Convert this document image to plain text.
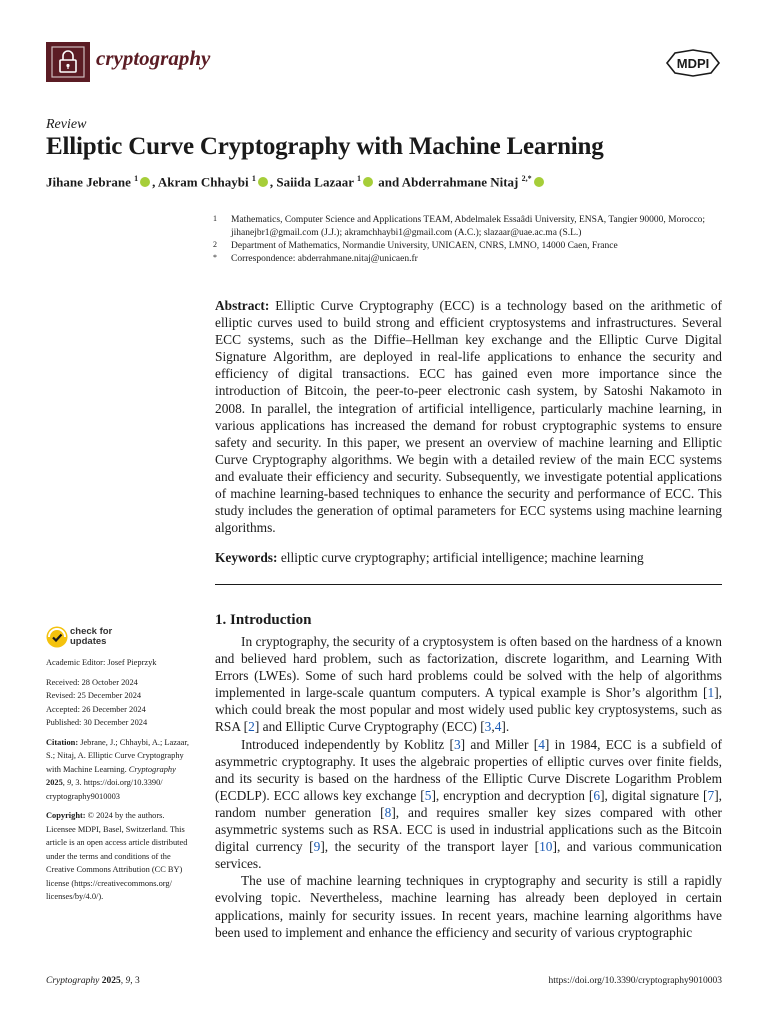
cryptography	MDPI
Review
Elliptic Curve Cryptography with Machine Learning
Jihane Jebrane $^1$ , Akram Chhaybi $^1$ , Saiida Lazaar $^1$ and Abderrahmane Nitaj $^{2,*}$
1 Mathematics, Computer Science and Applications TEAM, Abdelmalek Essaâdi University, ENSA, Tangier 90000, Morocco; jihanejbr1@gmail.com (J.J.); akramchhaybi1@gmail.com (A.C.); slazaar@uae.ac.ma (S.L.)
2 Department of Mathematics, Normandie University, UNICAEN, CNRS, LMNO, 14000 Caen, France
* Correspondence: abderrahmane.nitaj@unicaen.fr
Abstract: Elliptic Curve Cryptography (ECC) is a technology based on the arithmetic of elliptic curves used to build strong and efficient cryptosystems and infrastructures. Several ECC systems, such as the Diffie–Hellman key exchange and the Elliptic Curve Digital Signature Algorithm, are deployed in real-life applications to enhance the security and efficiency of digital transactions. ECC has gained even more importance since the introduction of Bitcoin, the peer-to-peer electronic cash system, by Satoshi Nakamoto in 2008. In parallel, the integration of artificial intelligence, particularly machine learning, in various applications has increased the demand for robust cryptographic systems to ensure safety and security. In this paper, we present an overview of machine learning and Elliptic Curve Cryptography algorithms. We begin with a detailed review of the main ECC systems and evaluate their efficiency and security. Subsequently, we investigate potential applications of machine learning-based techniques to enhance the security and performance of ECC. This study includes the generation of optimal parameters for ECC systems using machine learning algorithms.
Keywords: elliptic curve cryptography; artificial intelligence; machine learning
check for
updates

Academic Editor: Josef Pieprzyk

Received: 28 October 2024

Revised: 25 December 2024

Accepted: 26 December 2024

Published: 30 December 2024

Citation: Jebrane, J.; Chhaybi, A.; Lazaar, S.; Nitaj, A. Elliptic Curve Cryptography with Machine Learning. Cryptography 2025, 9, 3. https://doi.org/10.3390/ cryptography9010003

Copyright: © 2024 by the authors. Licensee MDPI, Basel, Switzerland. This article is an open access article distributed under the terms and conditions of the Creative Commons Attribution (CC BY) license (https://creativecommons.org/ licenses/by/4.0/).

1. Introduction

In cryptography, the security of a cryptosystem is often based on the hardness of a known and believed hard problem, such as factorization, discrete logarithm, and Learning With Errors (LWEs). Some of such hard problems could be solved with the help of algorithms implemented in large-scale quantum computers. A typical example is Shor’s algorithm [1], which could break the most popular and most widely used public key cryptosystems, such as RSA [2] and Elliptic Curve Cryptography (ECC) [3,4].

Introduced independently by Koblitz [3] and Miller [4] in 1984, ECC is a subfield of asymmetric cryptography. It uses the algebraic properties of elliptic curves over finite fields, and its security is based on the hardness of the Elliptic Curve Discrete Logarithm Problem (ECDLP). ECC allows key exchange [5], encryption and decryption [6], digital signature [7], random number generation [8], and requires smaller key sizes compared with other asymmetric systems such as RSA. ECC is used in industrial applications such as the Bitcoin digital currency [9], the security of the transport layer [10], and various communication services.

The use of machine learning techniques in cryptography and security is still a rapidly evolving topic. Nevertheless, machine learning has already been deployed in certain applications, mainly for security issues. In recent years, machine learning algorithms have been used to implement and enhance the efficiency and security of various cryptographic

Cryptography 2025, 9, 3	https://doi.org/10.3390/cryptography9010003
